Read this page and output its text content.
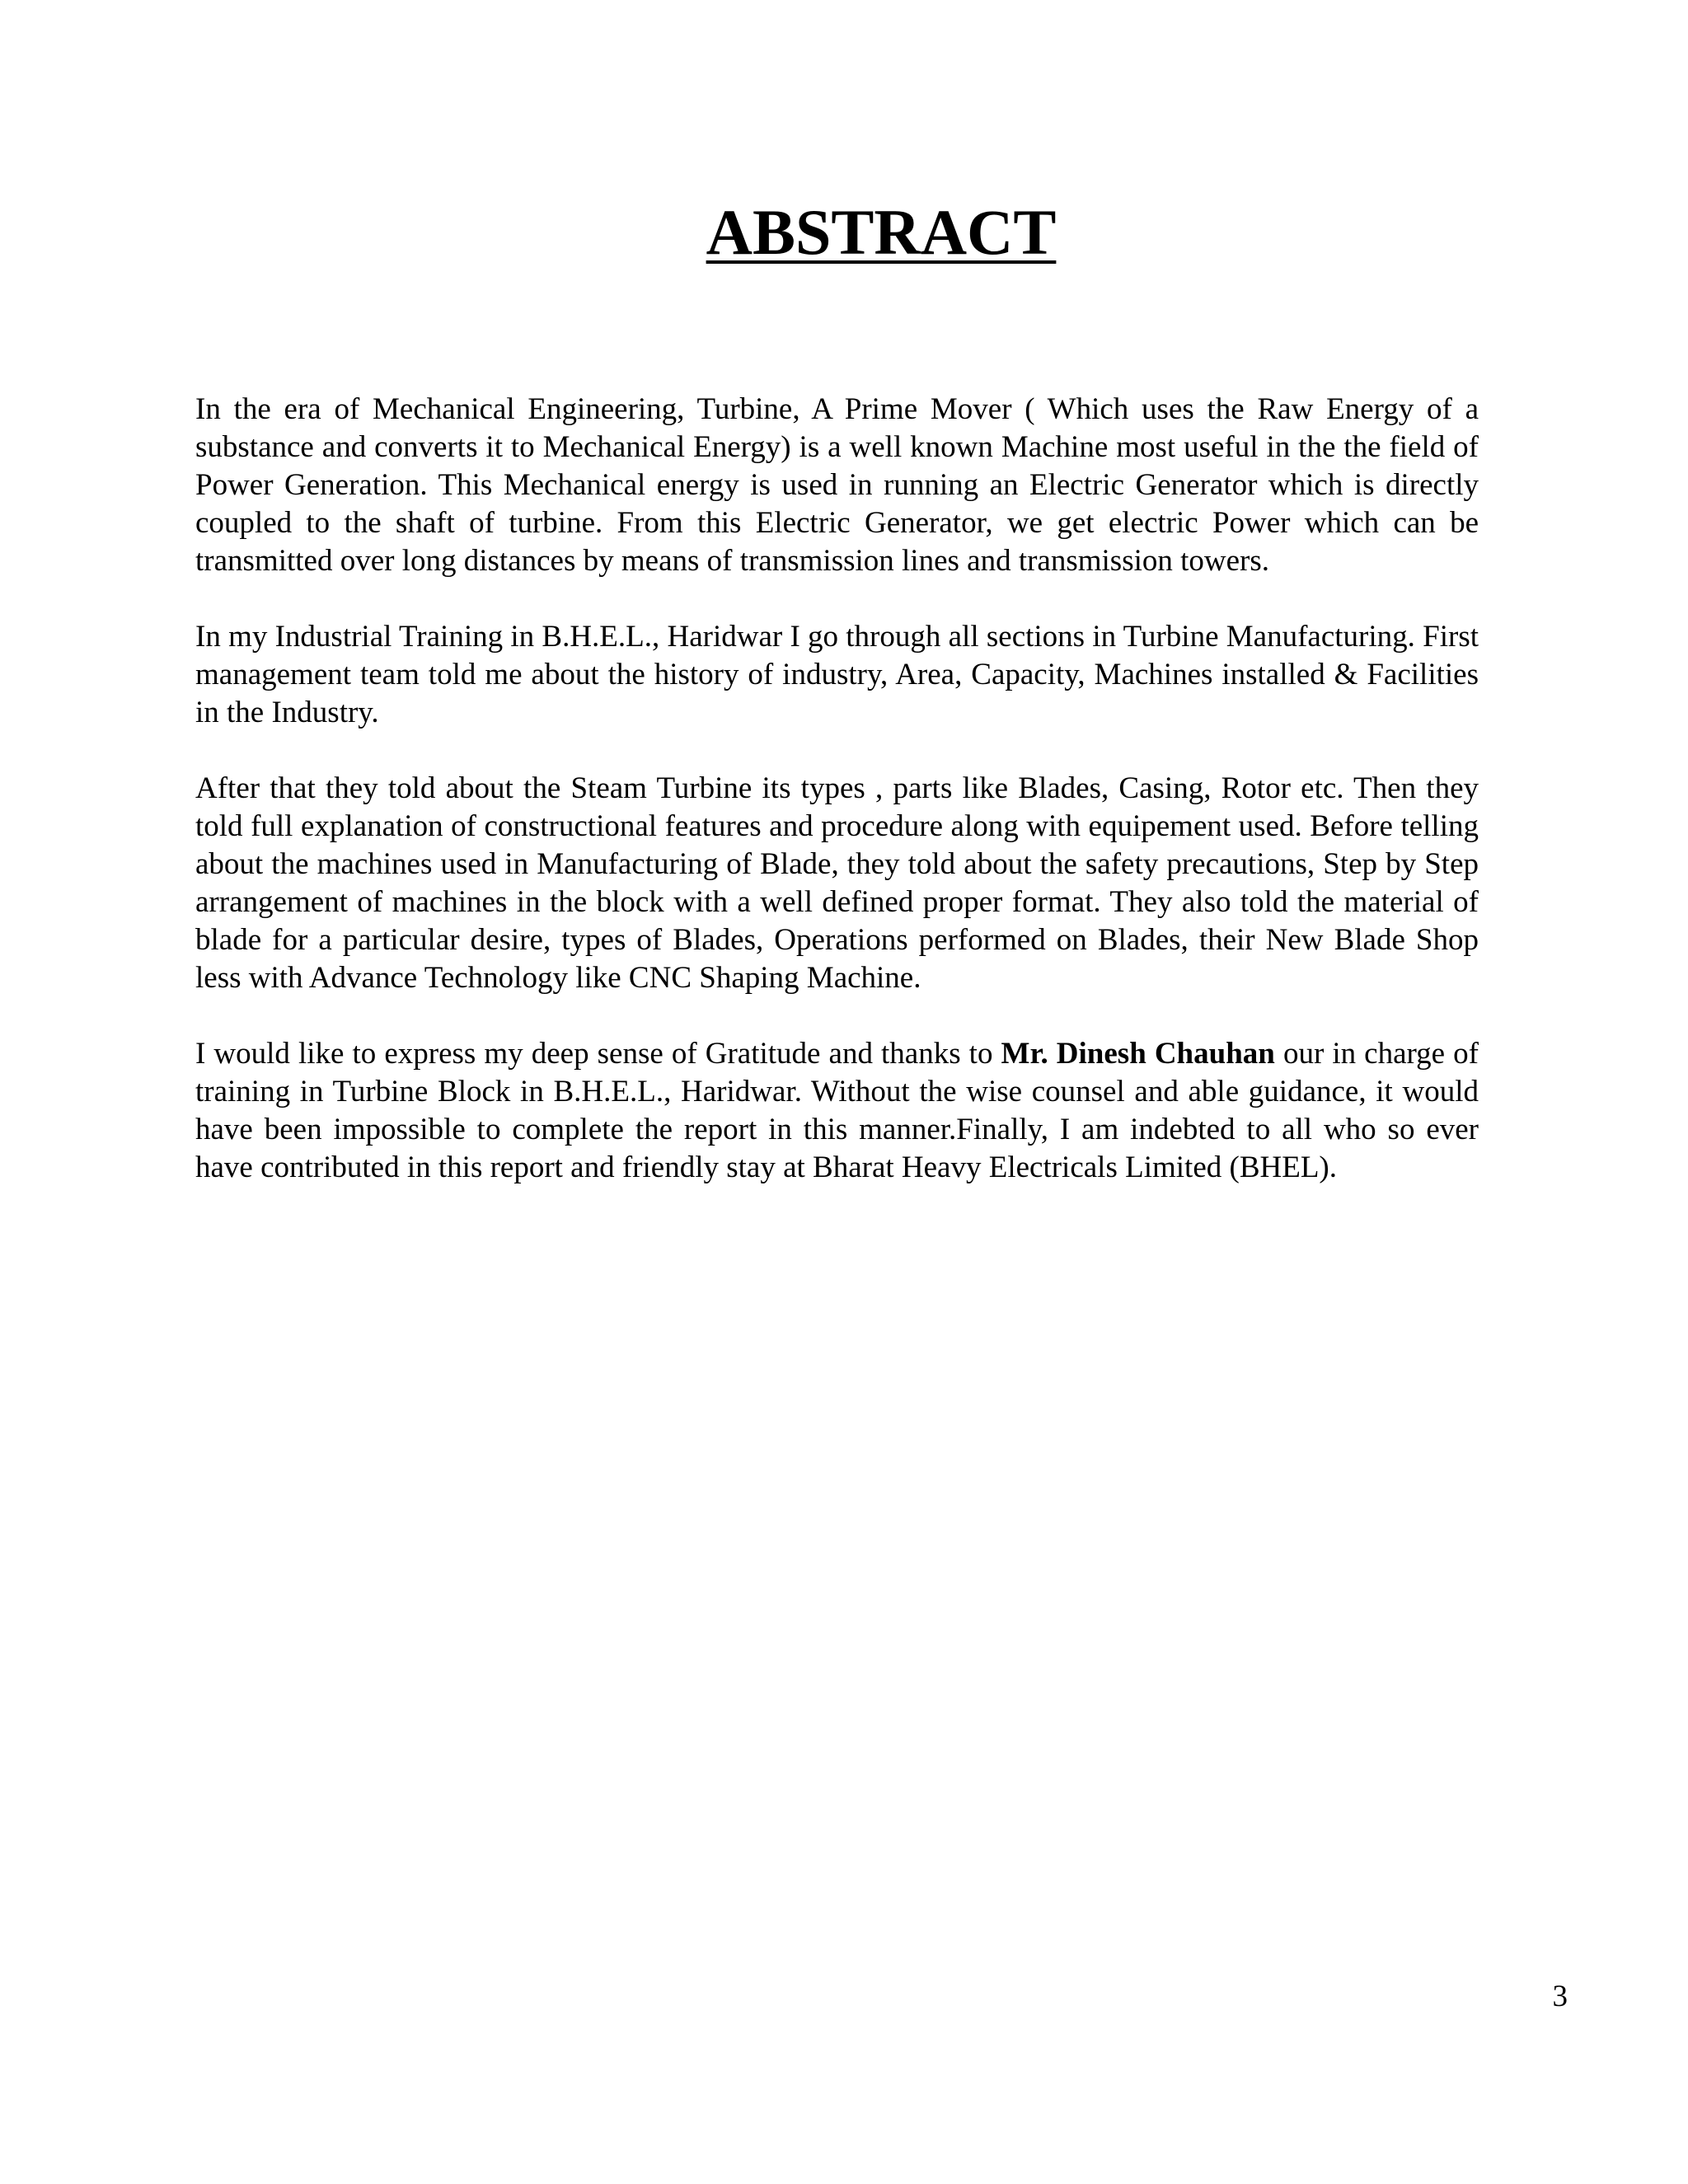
ABSTRACT

In the era of Mechanical Engineering, Turbine, A Prime Mover ( Which uses the Raw Energy of a substance and converts it to Mechanical Energy) is a well known Machine most useful in the the field of Power Generation. This Mechanical energy is used in running an Electric Generator which is directly coupled to the shaft of turbine. From this Electric Generator, we get electric Power which can be transmitted over long distances by means of transmission lines and transmission towers.

In my Industrial Training in B.H.E.L., Haridwar I go through all sections in Turbine Manufacturing. First management team told me about the history of industry, Area, Capacity, Machines installed & Facilities in the Industry.

After that they told about the Steam Turbine its types , parts like Blades, Casing, Rotor etc. Then they told full explanation of constructional features and procedure along with equipement used. Before telling about the machines used in Manufacturing of Blade, they told about the safety precautions, Step by Step arrangement of machines in the block with a well defined proper format. They also told the material of blade for a particular desire, types of Blades, Operations performed on Blades, their New Blade Shop less with Advance Technology like CNC Shaping Machine.

I would like to express my deep sense of Gratitude and thanks to Mr. Dinesh Chauhan our in charge of training in Turbine Block in B.H.E.L., Haridwar. Without the wise counsel and able guidance, it would have been impossible to complete the report in this manner.Finally, I am indebted to all who so ever have contributed in this report and friendly stay at Bharat Heavy Electricals Limited (BHEL).

3
